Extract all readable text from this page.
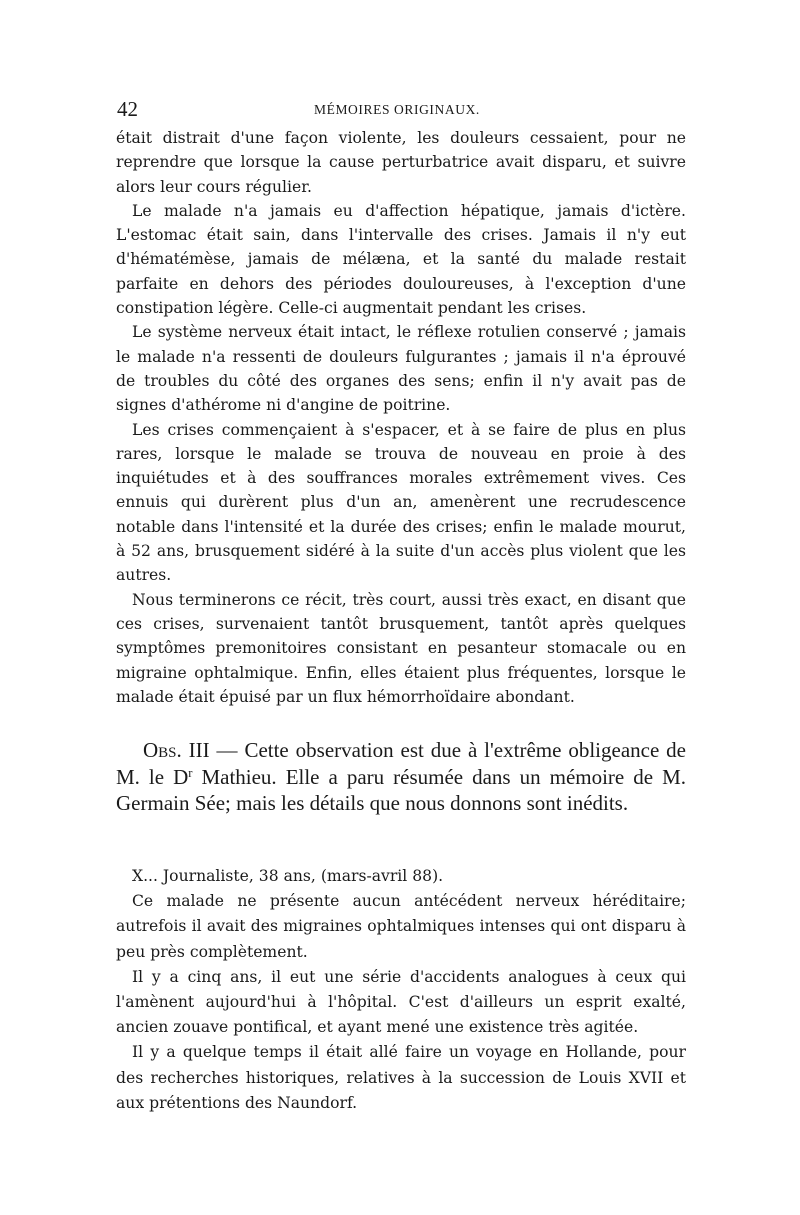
42	MÉMOIRES ORIGINAUX.

était distrait d'une façon violente, les douleurs cessaient, pour ne reprendre que lorsque la cause perturbatrice avait disparu, et suivre alors leur cours régulier.

Le malade n'a jamais eu d'affection hépatique, jamais d'ictère. L'estomac était sain, dans l'intervalle des crises. Jamais il n'y eut d'hématémèse, jamais de mélæna, et la santé du malade restait parfaite en dehors des périodes douloureuses, à l'exception d'une constipation légère. Celle-ci augmentait pendant les crises.

Le système nerveux était intact, le réflexe rotulien conservé ; jamais le malade n'a ressenti de douleurs fulgurantes ; jamais il n'a éprouvé de troubles du côté des organes des sens; enfin il n'y avait pas de signes d'athérome ni d'angine de poitrine.

Les crises commençaient à s'espacer, et à se faire de plus en plus rares, lorsque le malade se trouva de nouveau en proie à des inquiétudes et à des souffrances morales extrêmement vives. Ces ennuis qui durèrent plus d'un an, amenèrent une recrudescence notable dans l'intensité et la durée des crises; enfin le malade mourut, à 52 ans, brusquement sidéré à la suite d'un accès plus violent que les autres.

Nous terminerons ce récit, très court, aussi très exact, en disant que ces crises, survenaient tantôt brusquement, tantôt après quelques symptômes premonitoires consistant en pesanteur stomacale ou en migraine ophtalmique. Enfin, elles étaient plus fréquentes, lorsque le malade était épuisé par un flux hémorrhoïdaire abondant.

Obs. III — Cette observation est due à l'extrême obligeance de M. le $D^r$ Mathieu. Elle a paru résumée dans un mémoire de M. Germain Sée; mais les détails que nous donnons sont inédits.

X... Journaliste, 38 ans, (mars-avril 88).

Ce malade ne présente aucun antécédent nerveux héréditaire; autrefois il avait des migraines ophtalmiques intenses qui ont disparu à peu près complètement.

Il y a cinq ans, il eut une série d'accidents analogues à ceux qui l'amènent aujourd'hui à l'hôpital. C'est d'ailleurs un esprit exalté, ancien zouave pontifical, et ayant mené une existence très agitée.

Il y a quelque temps il était allé faire un voyage en Hollande, pour des recherches historiques, relatives à la succession de Louis XVII et aux prétentions des Naundorf.
